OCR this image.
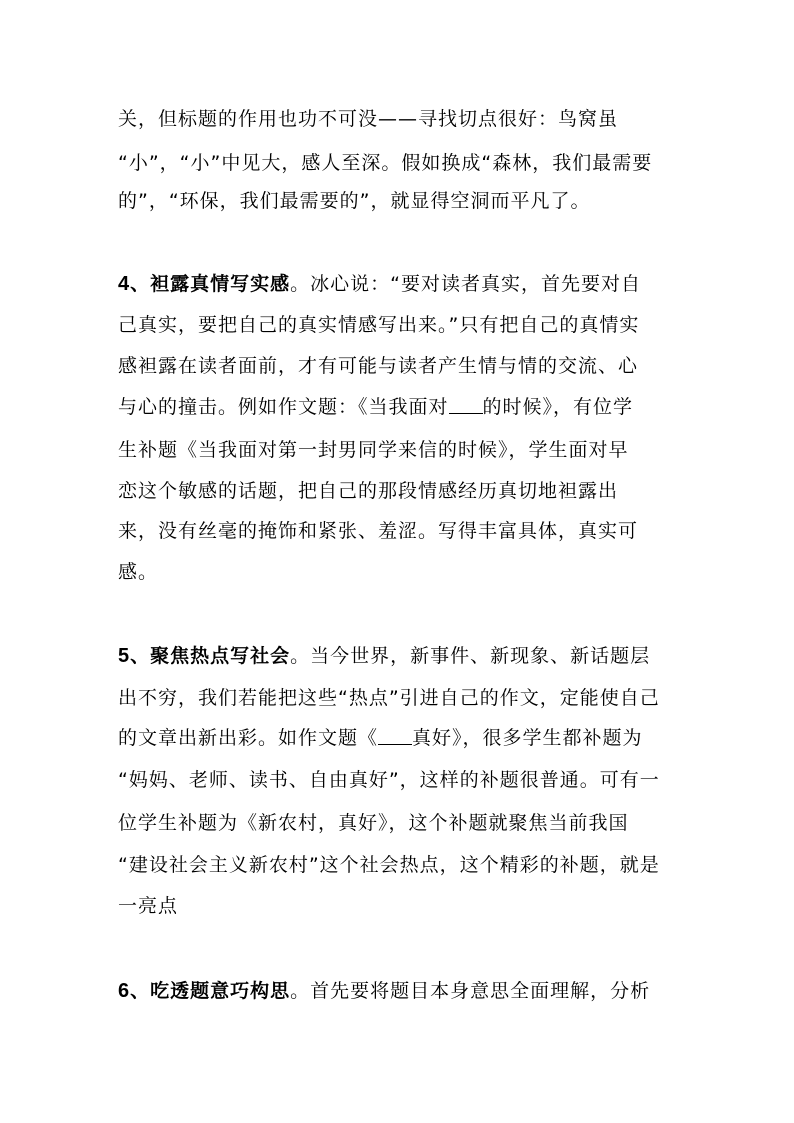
关，但标题的作用也功不可没——寻找切点很好：鸟窝虽
“小”，“小”中见大，感人至深。假如换成“森林，我们最需要
的”，“环保，我们最需要的”，就显得空洞而平凡了。
4、袒露真情写实感。冰心说：“要对读者真实，首先要对自
己真实，要把自己的真实情感写出来。”只有把自己的真情实
感袒露在读者面前，才有可能与读者产生情与情的交流、心
与心的撞击。例如作文题：《当我面对 的时候》，有位学
生补题《当我面对第一封男同学来信的时候》，学生面对早
恋这个敏感的话题，把自己的那段情感经历真切地袒露出
来，没有丝毫的掩饰和紧张、羞涩。写得丰富具体，真实可
感。
5、聚焦热点写社会。当今世界，新事件、新现象、新话题层
出不穷，我们若能把这些“热点”引进自己的作文，定能使自己
的文章出新出彩。如作文题《 真好》，很多学生都补题为
“妈妈、老师、读书、自由真好”，这样的补题很普通。可有一
位学生补题为《新农村，真好》，这个补题就聚焦当前我国
“建设社会主义新农村”这个社会热点，这个精彩的补题，就是
一亮点
6、吃透题意巧构思。首先要将题目本身意思全面理解，分析
